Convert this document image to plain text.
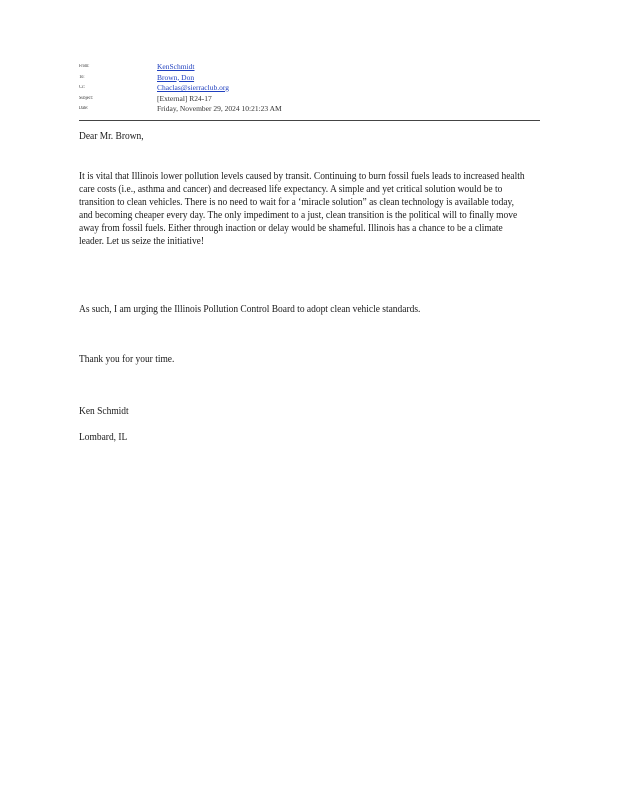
From:	KenSchmidt
To:	Brown, Don
Cc:	Chaclas@sierraclub.org
Subject:	[External] R24-17
Date:	Friday, November 29, 2024 10:21:23 AM
Dear Mr. Brown,
It is vital that Illinois lower pollution levels caused by transit. Continuing to burn fossil fuels leads to increased health care costs (i.e., asthma and cancer) and decreased life expectancy. A simple and yet critical solution would be to transition to clean vehicles. There is no need to wait for a ‘miracle solution” as clean technology is available today, and becoming cheaper every day. The only impediment to a just, clean transition is the political will to finally move away from fossil fuels. Either through inaction or delay would be shameful. Illinois has a chance to be a climate leader. Let us seize the initiative!
As such, I am urging the Illinois Pollution Control Board to adopt clean vehicle standards.
Thank you for your time.
Ken Schmidt
Lombard, IL
